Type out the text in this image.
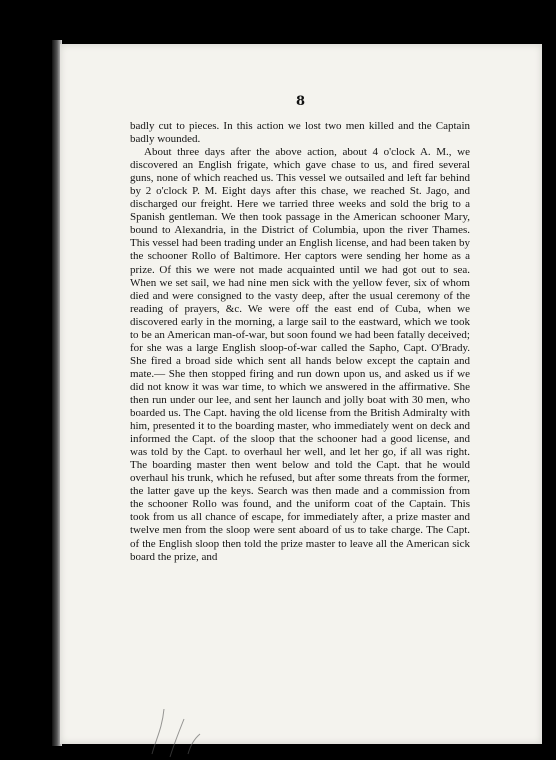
8

badly cut to pieces. In this action we lost two men killed and the Captain badly wounded.

About three days after the above action, about 4 o'clock A. M., we discovered an English frigate, which gave chase to us, and fired several guns, none of which reached us. This vessel we outsailed and left far behind by 2 o'clock P. M. Eight days after this chase, we reached St. Jago, and discharged our freight. Here we tarried three weeks and sold the brig to a Spanish gentleman. We then took passage in the American schooner Mary, bound to Alexandria, in the District of Columbia, upon the river Thames. This vessel had been trading under an English license, and had been taken by the schooner Rollo of Baltimore. Her captors were sending her home as a prize. Of this we were not made acquainted until we had got out to sea. When we set sail, we had nine men sick with the yellow fever, six of whom died and were consigned to the vasty deep, after the usual ceremony of the reading of prayers, &c. We were off the east end of Cuba, when we discovered early in the morning, a large sail to the eastward, which we took to be an American man-of-war, but soon found we had been fatally deceived; for she was a large English sloop-of-war called the Sapho, Capt. O'Brady. She fired a broad side which sent all hands below except the captain and mate.— She then stopped firing and run down upon us, and asked us if we did not know it was war time, to which we answered in the affirmative. She then run under our lee, and sent her launch and jolly boat with 30 men, who boarded us. The Capt. having the old license from the British Admiralty with him, presented it to the boarding master, who immediately went on deck and informed the Capt. of the sloop that the schooner had a good license, and was told by the Capt. to overhaul her well, and let her go, if all was right. The boarding master then went below and told the Capt. that he would overhaul his trunk, which he refused, but after some threats from the former, the latter gave up the keys. Search was then made and a commission from the schooner Rollo was found, and the uniform coat of the Captain. This took from us all chance of escape, for immediately after, a prize master and twelve men from the sloop were sent aboard of us to take charge. The Capt. of the English sloop then told the prize master to leave all the American sick board the prize, and
